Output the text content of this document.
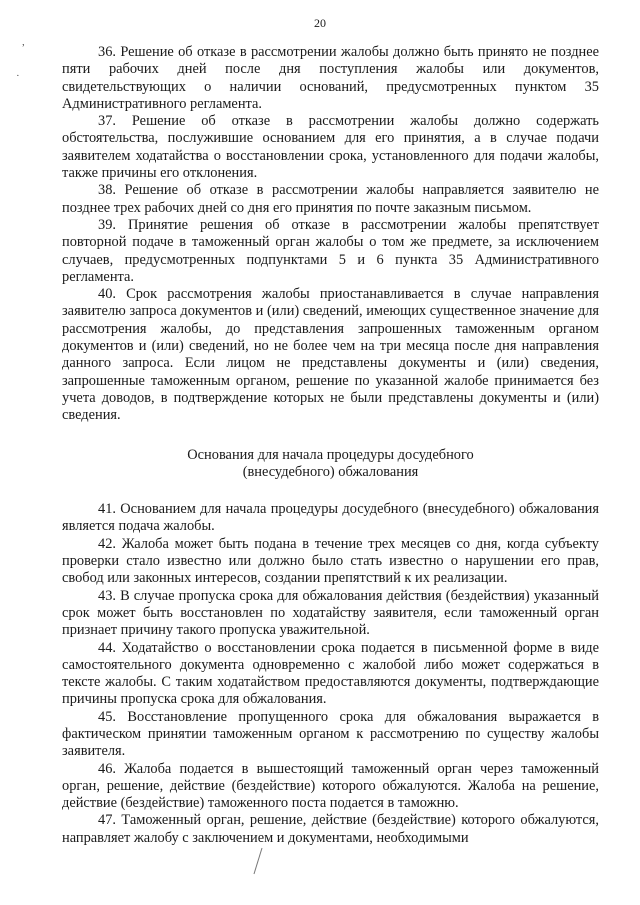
20
,
·

36. Решение об отказе в рассмотрении жалобы должно быть принято не позднее пяти рабочих дней после дня поступления жалобы или документов, свидетельствующих о наличии оснований, предусмотренных пунктом 35 Административного регламента.

37. Решение об отказе в рассмотрении жалобы должно содержать обстоятельства, послужившие основанием для его принятия, а в случае подачи заявителем ходатайства о восстановлении срока, установленного для подачи жалобы, также причины его отклонения.

38. Решение об отказе в рассмотрении жалобы направляется заявителю не позднее трех рабочих дней со дня его принятия по почте заказным письмом.

39. Принятие решения об отказе в рассмотрении жалобы препятствует повторной подаче в таможенный орган жалобы о том же предмете, за исключением случаев, предусмотренных подпунктами 5 и 6 пункта 35 Административного регламента.

40. Срок рассмотрения жалобы приостанавливается в случае направления заявителю запроса документов и (или) сведений, имеющих существенное значение для рассмотрения жалобы, до представления запрошенных таможенным органом документов и (или) сведений, но не более чем на три месяца после дня направления данного запроса. Если лицом не представлены документы и (или) сведения, запрошенные таможенным органом, решение по указанной жалобе принимается без учета доводов, в подтверждение которых не были представлены документы и (или) сведения.

Основания для начала процедуры досудебного
(внесудебного) обжалования

41. Основанием для начала процедуры досудебного (внесудебного) обжалования является подача жалобы.

42. Жалоба может быть подана в течение трех месяцев со дня, когда субъекту проверки стало известно или должно было стать известно о нарушении его прав, свобод или законных интересов, создании препятствий к их реализации.

43. В случае пропуска срока для обжалования действия (бездействия) указанный срок может быть восстановлен по ходатайству заявителя, если таможенный орган признает причину такого пропуска уважительной.

44. Ходатайство о восстановлении срока подается в письменной форме в виде самостоятельного документа одновременно с жалобой либо может содержаться в тексте жалобы. С таким ходатайством предоставляются документы, подтверждающие причины пропуска срока для обжалования.

45. Восстановление пропущенного срока для обжалования выражается в фактическом принятии таможенным органом к рассмотрению по существу жалобы заявителя.

46. Жалоба подается в вышестоящий таможенный орган через таможенный орган, решение, действие (бездействие) которого обжалуются. Жалоба на решение, действие (бездействие) таможенного поста подается в таможню.

47. Таможенный орган, решение, действие (бездействие) которого обжалуются, направляет жалобу с заключением и документами, необходимыми
